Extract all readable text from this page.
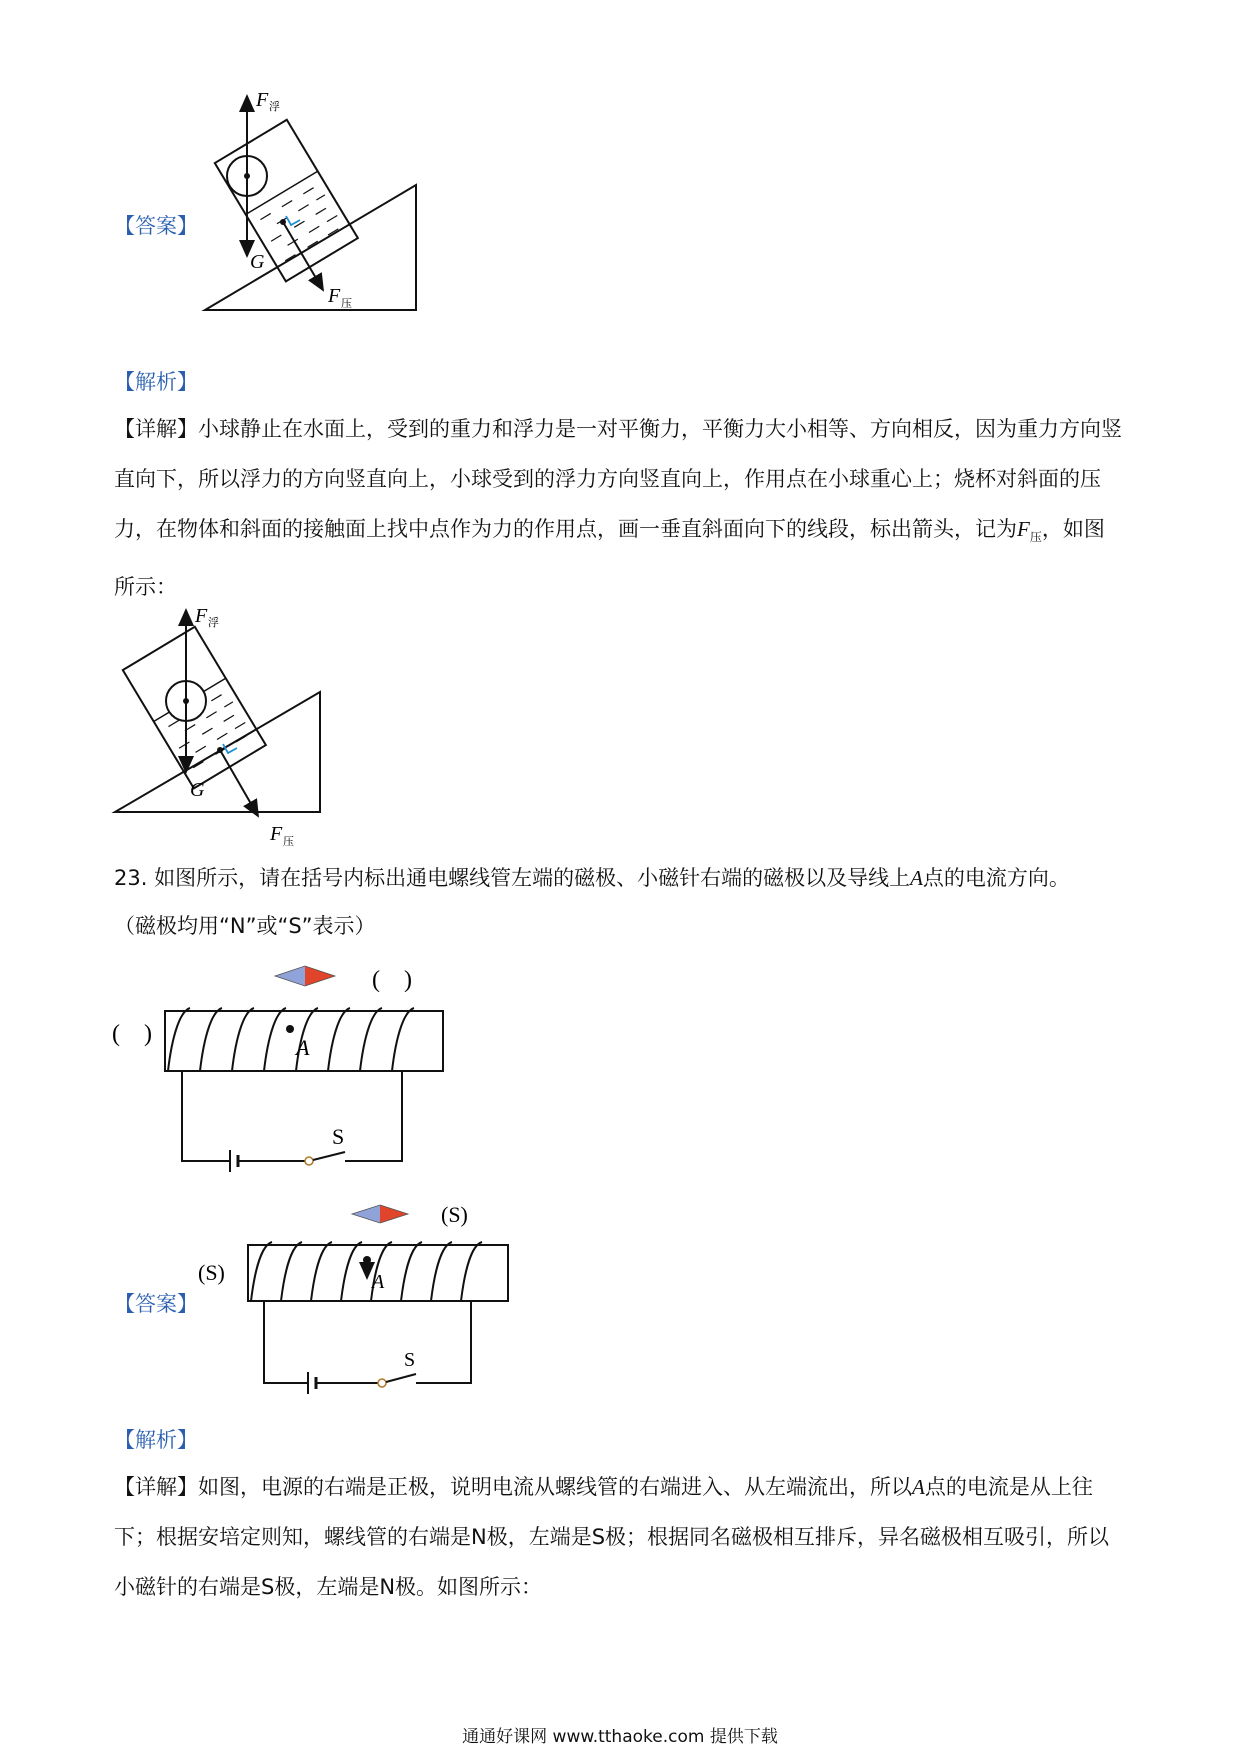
【答案】
F 浮
G
F 压
【解析】
【详解】小球静止在水面上，受到的重力和浮力是一对平衡力，平衡力大小相等、方向相反，因为重力方向竖直向下，所以浮力的方向竖直向上，小球受到的浮力方向竖直向上，作用点在小球重心上；烧杯对斜面的压力，在物体和斜面的接触面上找中点作为力的作用点，画一垂直斜面向下的线段，标出箭头，记为$F_压$，如图所示：
F 浮
G
F 压
23. 如图所示，请在括号内标出通电螺线管左端的磁极、小磁针右端的磁极以及导线上A点的电流方向。
（磁极均用“N”或“S”表示）
(　)
(　)
A
S
【答案】
(S)
(S)	A
S
【解析】
【详解】如图，电源的右端是正极，说明电流从螺线管的右端进入、从左端流出，所以A点的电流是从上往下；根据安培定则知，螺线管的右端是N极，左端是S极；根据同名磁极相互排斥，异名磁极相互吸引，所以小磁针的右端是S极，左端是N极。如图所示：
通通好课网 www.tthaoke.com 提供下载
